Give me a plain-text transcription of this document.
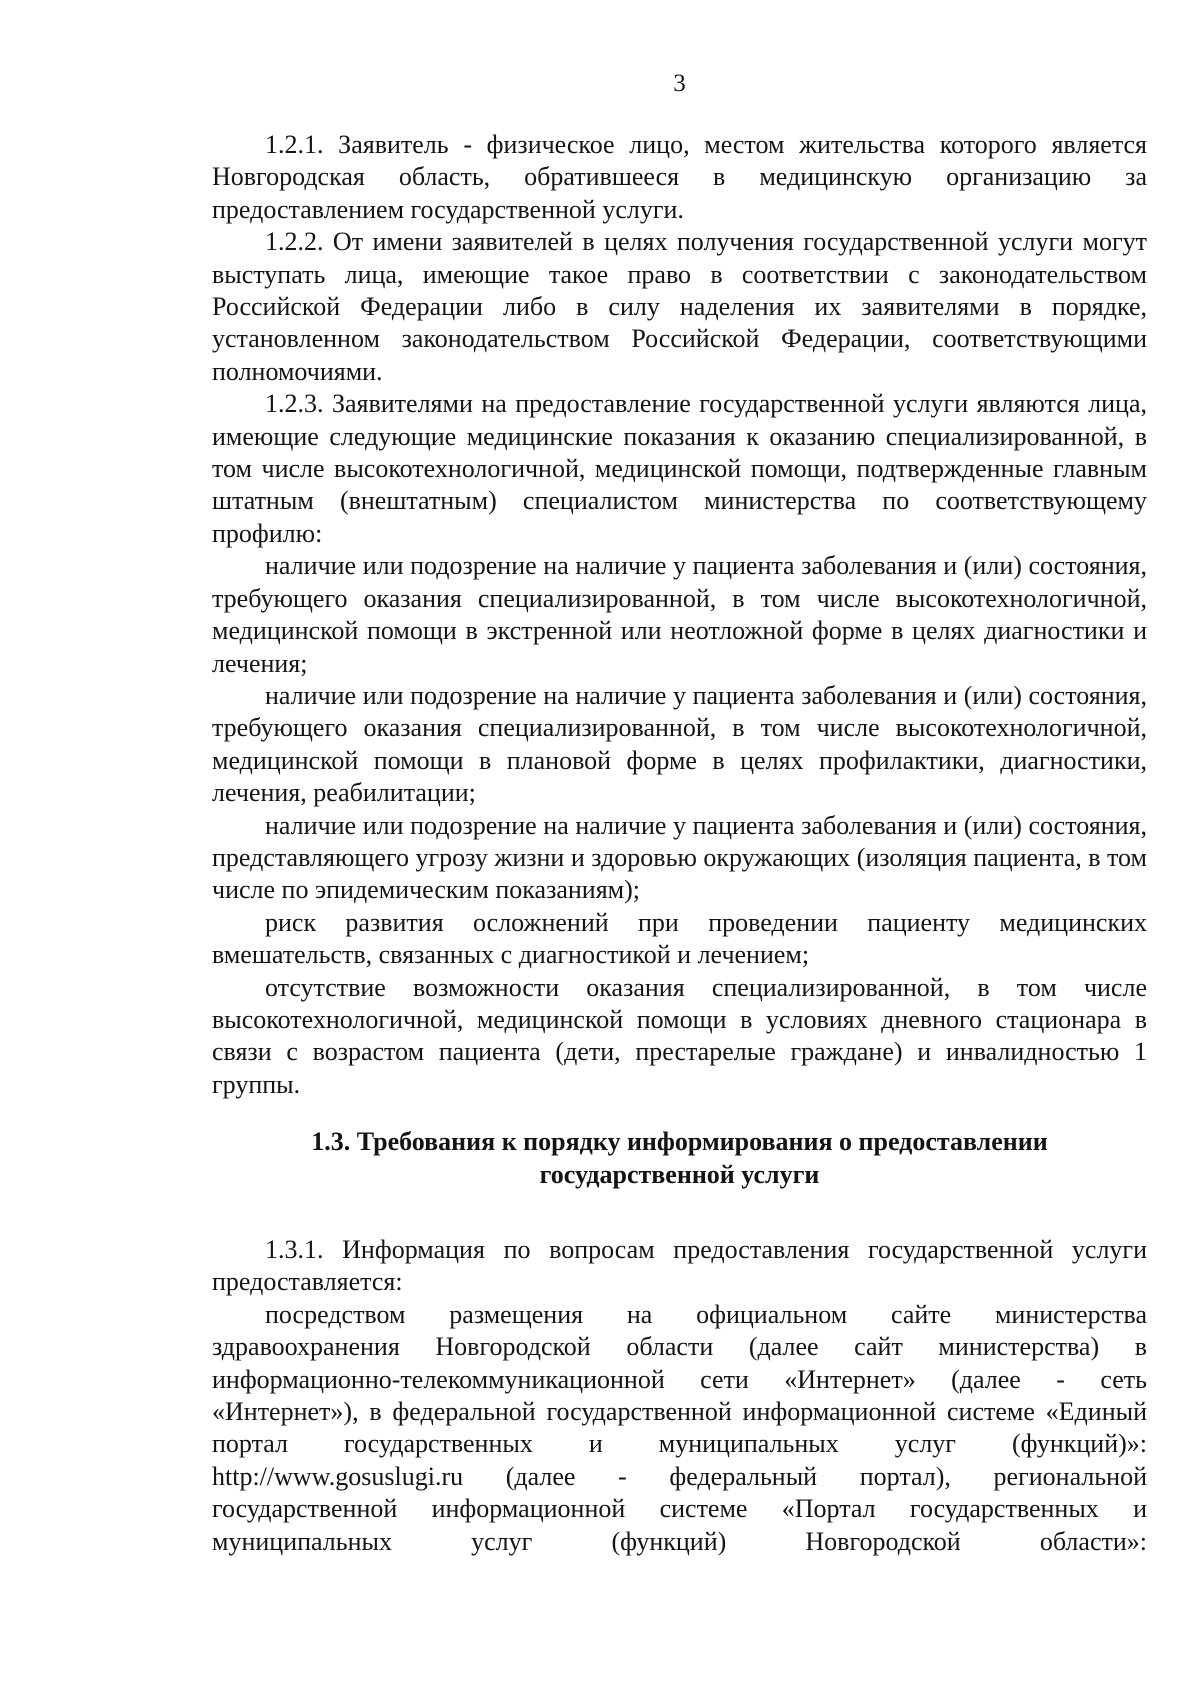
3

1.2.1. Заявитель - физическое лицо, местом жительства которого является Новгородская область, обратившееся в медицинскую организацию за предоставлением государственной услуги.

1.2.2. От имени заявителей в целях получения государственной услуги могут выступать лица, имеющие такое право в соответствии с законодательством Российской Федерации либо в силу наделения их заявителями в порядке, установленном законодательством Российской Федерации, соответствующими полномочиями.

1.2.3. Заявителями на предоставление государственной услуги являются лица, имеющие следующие медицинские показания к оказанию специализированной, в том числе высокотехнологичной, медицинской помощи, подтвержденные главным штатным (внештатным) специалистом министерства по соответствующему профилю:

наличие или подозрение на наличие у пациента заболевания и (или) состояния, требующего оказания специализированной, в том числе высокотехнологичной, медицинской помощи в экстренной или неотложной форме в целях диагностики и лечения;

наличие или подозрение на наличие у пациента заболевания и (или) состояния, требующего оказания специализированной, в том числе высокотехнологичной, медицинской помощи в плановой форме в целях профилактики, диагностики, лечения, реабилитации;

наличие или подозрение на наличие у пациента заболевания и (или) состояния, представляющего угрозу жизни и здоровью окружающих (изоляция пациента, в том числе по эпидемическим показаниям);

риск развития осложнений при проведении пациенту медицинских вмешательств, связанных с диагностикой и лечением;

отсутствие возможности оказания специализированной, в том числе высокотехнологичной, медицинской помощи в условиях дневного стационара в связи с возрастом пациента (дети, престарелые граждане) и инвалидностью 1 группы.

1.3. Требования к порядку информирования о предоставлении
государственной услуги

1.3.1. Информация по вопросам предоставления государственной услуги предоставляется:

посредством размещения на официальном сайте министерства здравоохранения Новгородской области (далее сайт министерства) в информационно-телекоммуникационной сети «Интернет» (далее - сеть «Интернет»), в федеральной государственной информационной системе «Единый портал государственных и муниципальных услуг (функций)»: http://www.gosuslugi.ru (далее - федеральный портал), региональной государственной информационной системе «Портал государственных и муниципальных услуг (функций) Новгородской области»:
